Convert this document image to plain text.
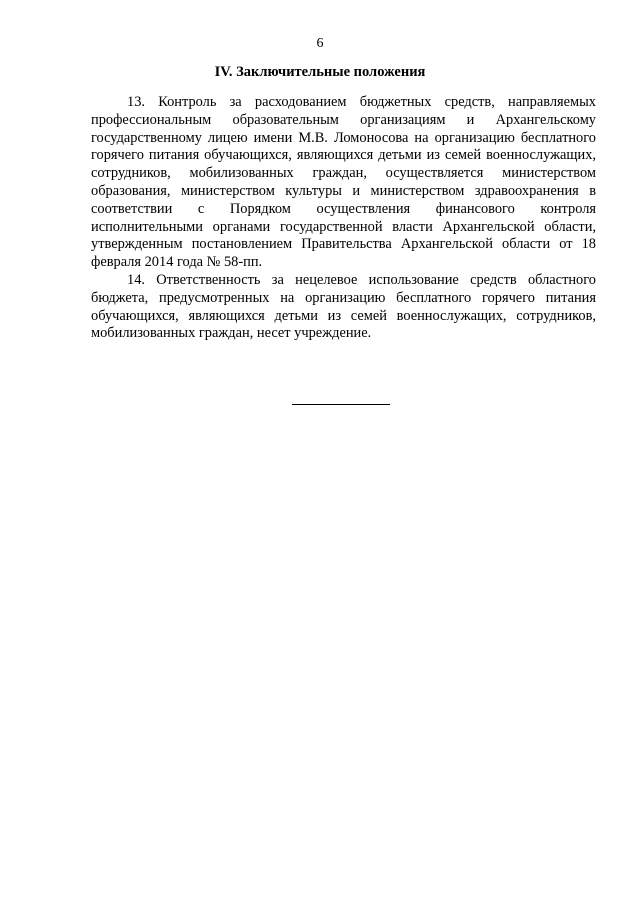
6
IV. Заключительные положения

13. Контроль за расходованием бюджетных средств, направляемых профессиональным образовательным организациям и Архангельскому государственному лицею имени М.В. Ломоносова на организацию бесплатного горячего питания обучающихся, являющихся детьми из семей военнослужащих, сотрудников, мобилизованных граждан, осуществляется министерством образования, министерством культуры и министерством здравоохранения в соответствии с Порядком осуществления финансового контроля исполнительными органами государственной власти Архангельской области, утвержденным постановлением Правительства Архангельской области от 18 февраля 2014 года № 58-пп.

14. Ответственность за нецелевое использование средств областного бюджета, предусмотренных на организацию бесплатного горячего питания обучающихся, являющихся детьми из семей военнослужащих, сотрудников, мобилизованных граждан, несет учреждение.
